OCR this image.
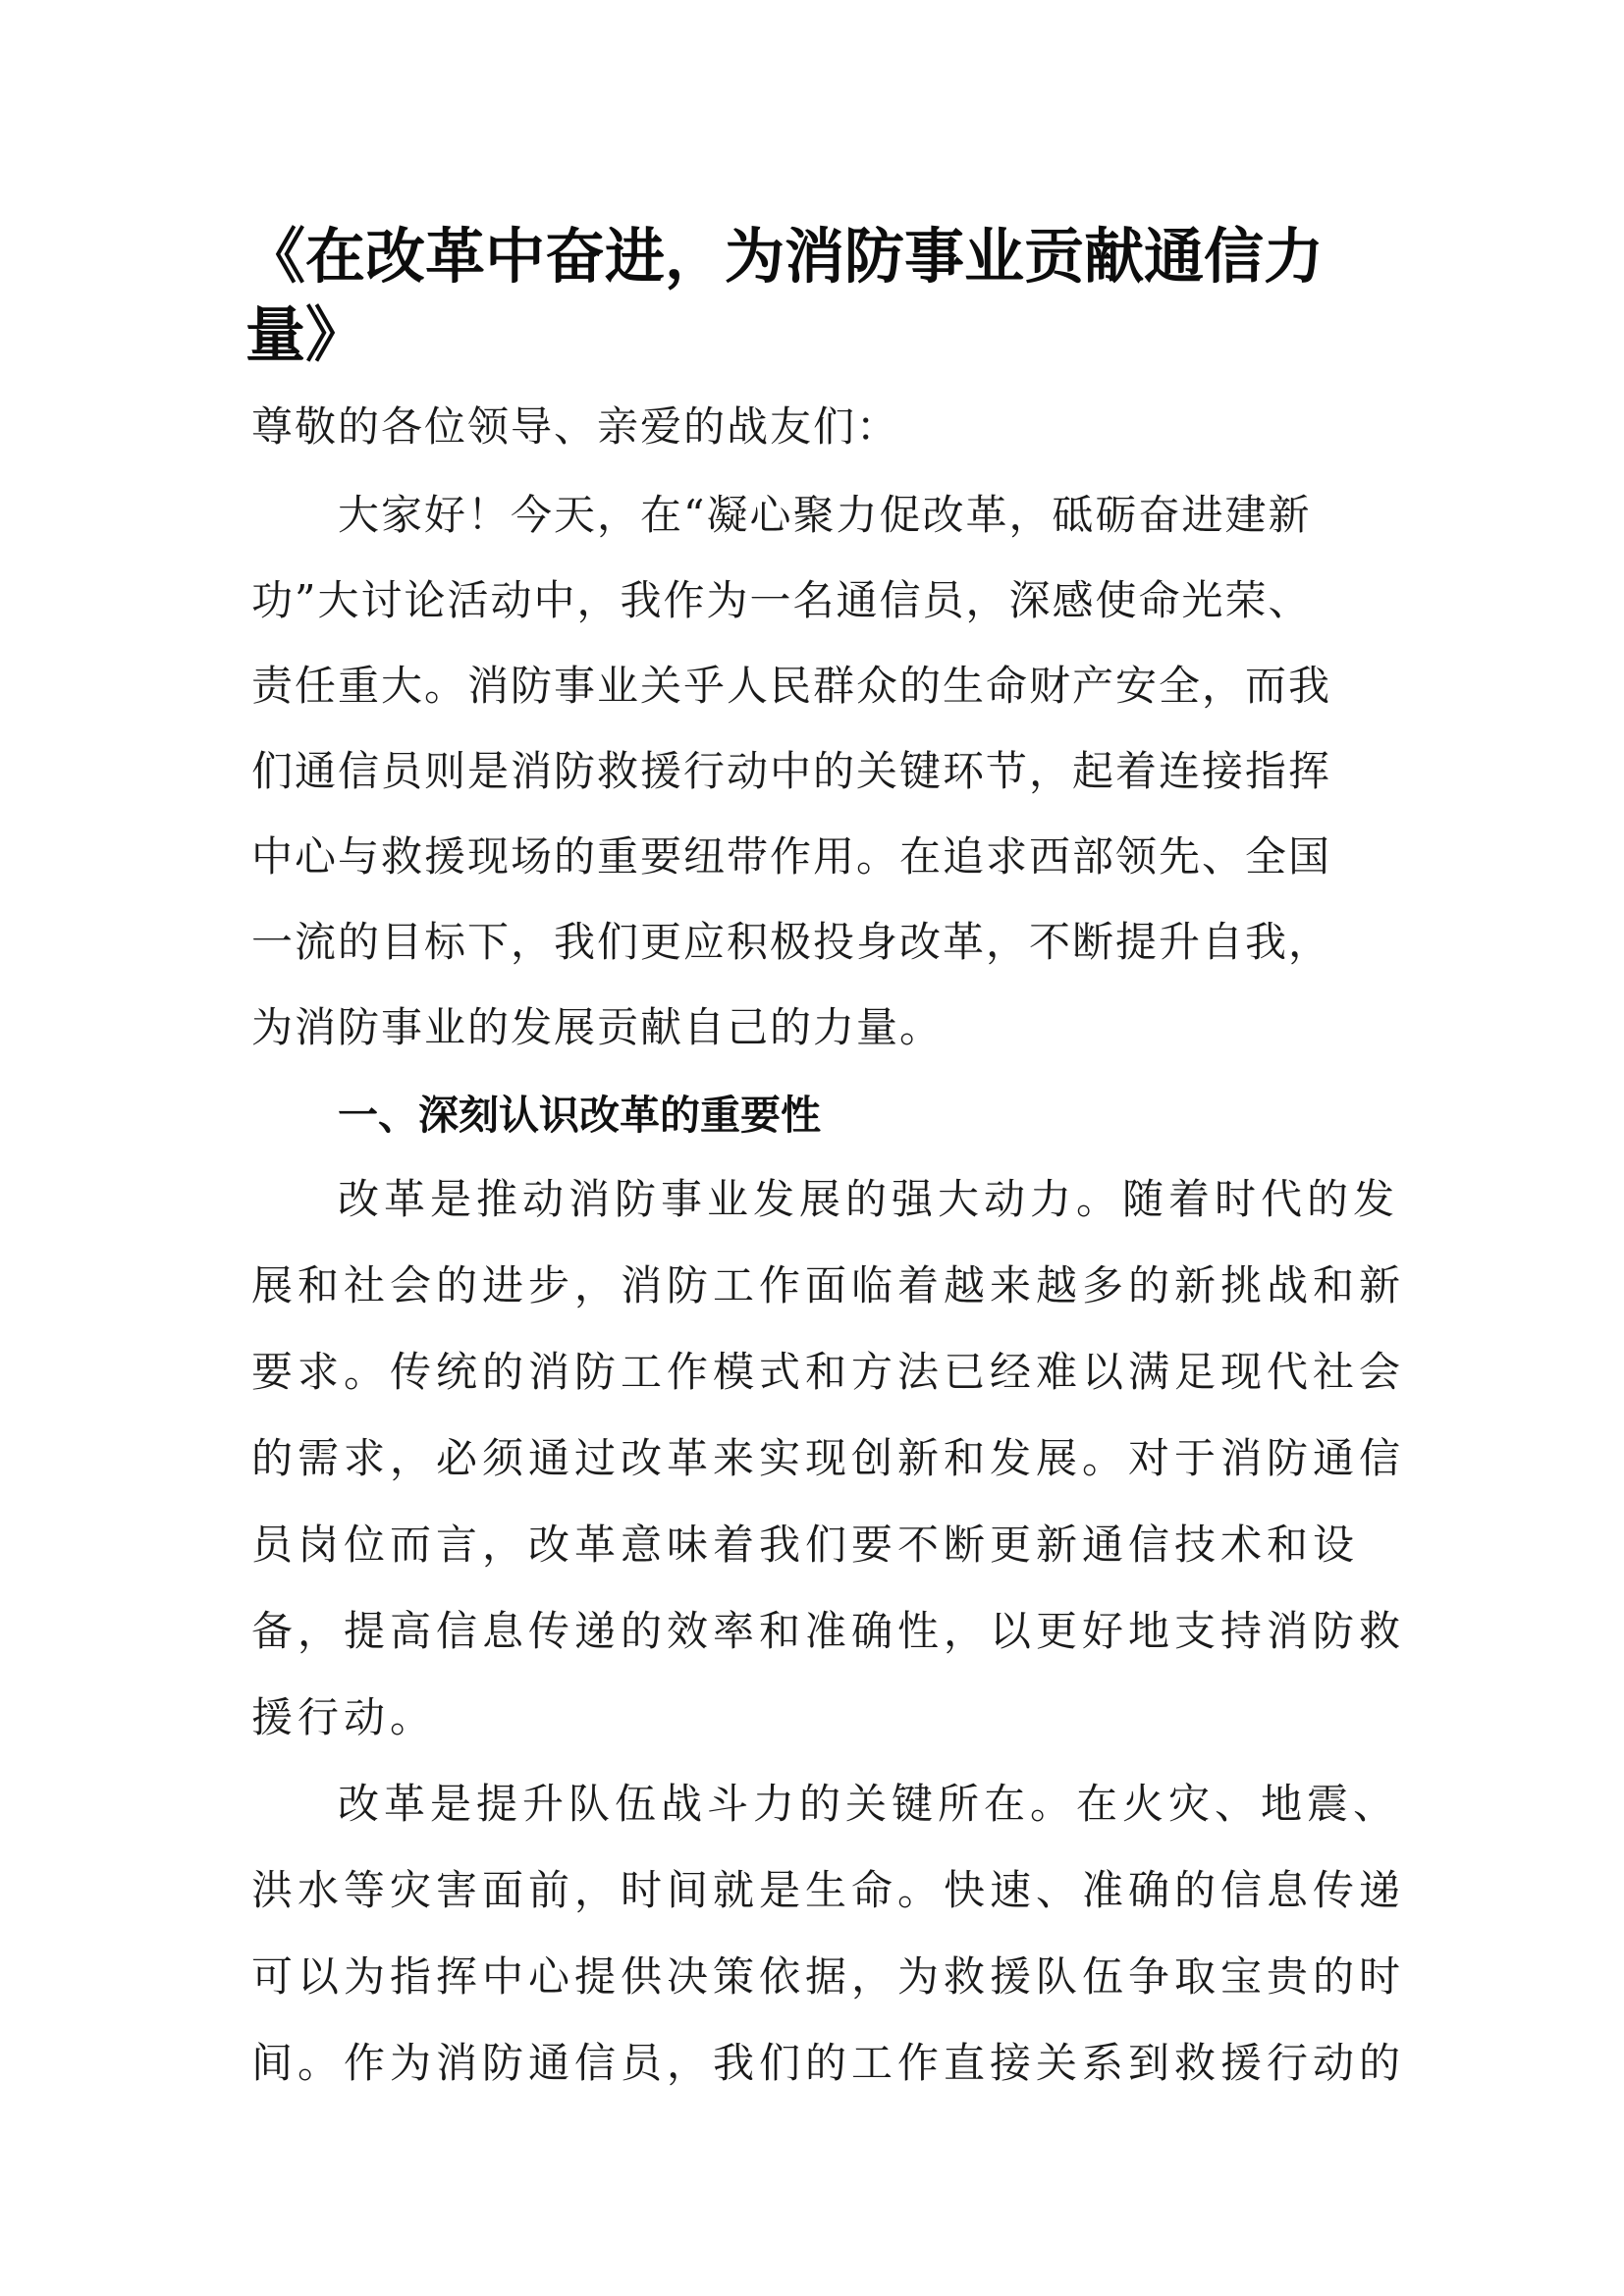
《在改革中奋进，为消防事业贡献通信力
量》
尊敬的各位领导、亲爱的战友们：
大家好！今天，在“凝心聚力促改革，砥砺奋进建新
功”大讨论活动中，我作为一名通信员，深感使命光荣、
责任重大。消防事业关乎人民群众的生命财产安全，而我
们通信员则是消防救援行动中的关键环节，起着连接指挥
中心与救援现场的重要纽带作用。在追求西部领先、全国
一流的目标下，我们更应积极投身改革，不断提升自我，
为消防事业的发展贡献自己的力量。
一、深刻认识改革的重要性
改革是推动消防事业发展的强大动力。随着时代的发
展和社会的进步，消防工作面临着越来越多的新挑战和新
要求。传统的消防工作模式和方法已经难以满足现代社会
的需求，必须通过改革来实现创新和发展。对于消防通信
员岗位而言，改革意味着我们要不断更新通信技术和设
备，提高信息传递的效率和准确性，以更好地支持消防救
援行动。
改革是提升队伍战斗力的关键所在。在火灾、地震、
洪水等灾害面前，时间就是生命。快速、准确的信息传递
可以为指挥中心提供决策依据，为救援队伍争取宝贵的时
间。作为消防通信员，我们的工作直接关系到救援行动的
